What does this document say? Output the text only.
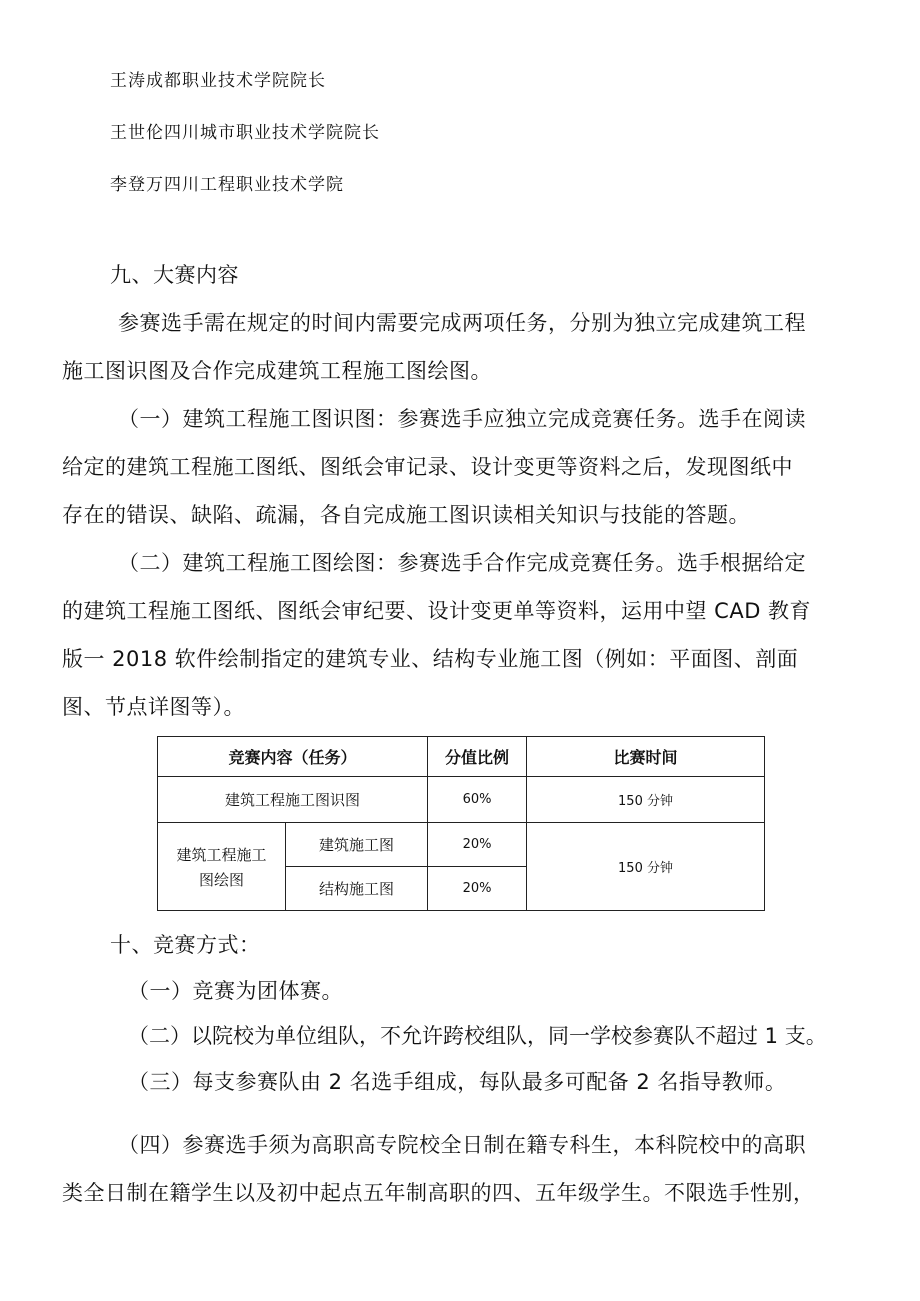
王涛成都职业技术学院院长
王世伦四川城市职业技术学院院长
李登万四川工程职业技术学院
九、大赛内容
参赛选手需在规定的时间内需要完成两项任务，分别为独立完成建筑工程
施工图识图及合作完成建筑工程施工图绘图。
（一）建筑工程施工图识图：参赛选手应独立完成竞赛任务。选手在阅读
给定的建筑工程施工图纸、图纸会审记录、设计变更等资料之后，发现图纸中
存在的错误、缺陷、疏漏，各自完成施工图识读相关知识与技能的答题。
（二）建筑工程施工图绘图：参赛选手合作完成竞赛任务。选手根据给定
的建筑工程施工图纸、图纸会审纪要、设计变更单等资料，运用中望 CAD 教育
版一 2018 软件绘制指定的建筑专业、结构专业施工图（例如：平面图、剖面
图、节点详图等）。
竞赛内容（任务）		分值比例	比赛时间
建筑工程施工图识图		60%	150 分钟

建筑工程施工
图绘图	建筑施工图	20%	150 分钟
	结构施工图	20%	
十、竞赛方式：
（一）竞赛为团体赛。
（二）以院校为单位组队，不允许跨校组队，同一学校参赛队不超过 1 支。
（三）每支参赛队由 2 名选手组成，每队最多可配备 2 名指导教师。
（四）参赛选手须为高职高专院校全日制在籍专科生，本科院校中的高职
类全日制在籍学生以及初中起点五年制高职的四、五年级学生。不限选手性别，
